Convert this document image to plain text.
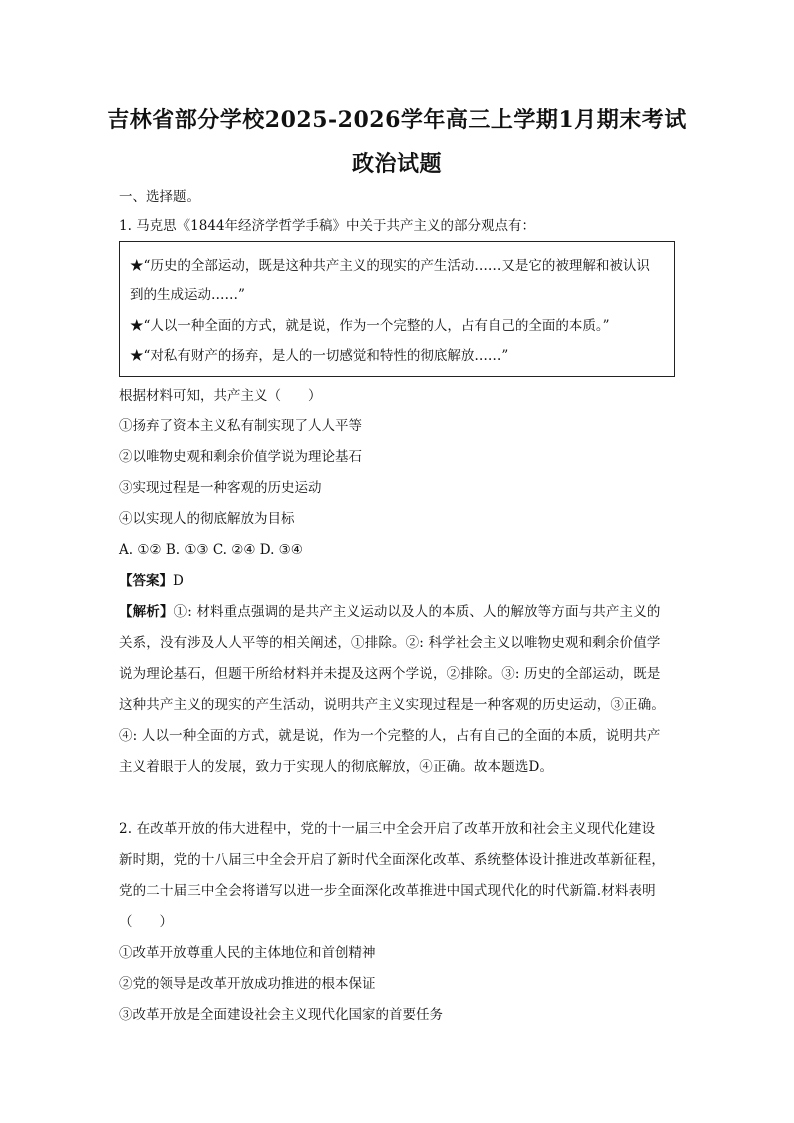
吉林省部分学校2025-2026学年高三上学期1月期末考试
政治试题
一、选择题。
1. 马克思《1844年经济学哲学手稿》中关于共产主义的部分观点有：
★“历史的全部运动，既是这种共产主义的现实的产生活动……又是它的被理解和被认识
到的生成运动……”
★“人以一种全面的方式，就是说，作为一个完整的人，占有自己的全面的本质。”
★“对私有财产的扬弃，是人的一切感觉和特性的彻底解放……”
根据材料可知，共产主义（　　）
①扬弃了资本主义私有制实现了人人平等
②以唯物史观和剩余价值学说为理论基石
③实现过程是一种客观的历史运动
④以实现人的彻底解放为目标
A. ①② B. ①③ C. ②④ D. ③④
【答案】D
【解析】①: 材料重点强调的是共产主义运动以及人的本质、人的解放等方面与共产主义的
关系，没有涉及人人平等的相关阐述，①排除。②: 科学社会主义以唯物史观和剩余价值学
说为理论基石，但题干所给材料并未提及这两个学说，②排除。③: 历史的全部运动，既是
这种共产主义的现实的产生活动，说明共产主义实现过程是一种客观的历史运动，③正确。
④: 人以一种全面的方式，就是说，作为一个完整的人，占有自己的全面的本质，说明共产
主义着眼于人的发展，致力于实现人的彻底解放，④正确。故本题选D。
2. 在改革开放的伟大进程中，党的十一届三中全会开启了改革开放和社会主义现代化建设
新时期，党的十八届三中全会开启了新时代全面深化改革、系统整体设计推进改革新征程，
党的二十届三中全会将谱写以进一步全面深化改革推进中国式现代化的时代新篇.材料表明
（　　）
①改革开放尊重人民的主体地位和首创精神
②党的领导是改革开放成功推进的根本保证
③改革开放是全面建设社会主义现代化国家的首要任务
